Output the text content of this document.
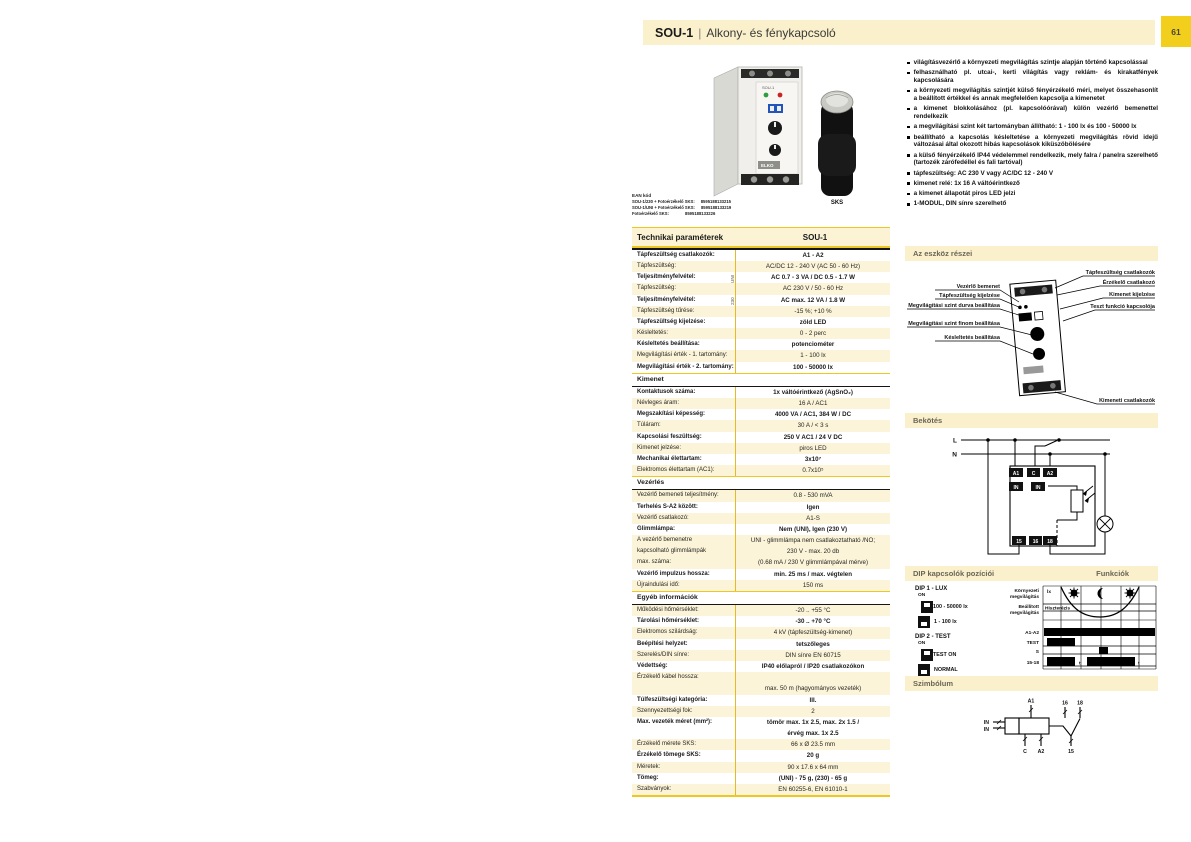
SOU-1 | Alkony- és fénykapcsoló	61
SOU-1
ELKO
SKS
EAN kód
SOU-1/230 + Fotoérzékelő SKS: 8595188133215
SOU-1/UNI + Fotoérzékelő SKS: 8595188133219
Fotoérzékelő SKS:	8595188133226
Technikai paraméterek	SOU-1
Tápfeszültség csatlakozók:	A1 - A2
Tápfeszültség:	AC/DC 12 - 240 V (AC 50 - 60 Hz)
UNI
Teljesítményfelvétel:	AC 0.7 - 3 VA / DC 0.5 - 1.7 W
Tápfeszültség:	AC 230 V / 50 - 60 Hz
230
Teljesítményfelvétel:	AC max. 12 VA / 1.8 W
Tápfeszültség tűrése:	-15 %; +10 %
Tápfeszültség kijelzése:	zöld LED
Késleltetés:	0 - 2 perc
Késleltetés beállítása:	potenciométer
Megvilágítási érték - 1. tartomány:	1 - 100 lx
Megvilágítási érték - 2. tartomány:	100 - 50000 lx
Kimenet
Kontaktusok száma:	1x váltóérintkező (AgSnO₂)
Névleges áram:	16 A / AC1
Megszakítási képesség:	4000 VA / AC1, 384 W / DC
Túláram:	30 A / < 3 s
Kapcsolási feszültség:	250 V AC1 / 24 V DC
Kimenet jelzése:	piros LED
Mechanikai élettartam:	3x10⁷
Elektromos élettartam (AC1):	0.7x10⁵
Vezérlés
Vezérlő bemeneti teljesítmény:	0.8 - 530 mVA
Terhelés S-A2 között:	Igen
Vezérlő csatlakozó:	A1-S
Glimmlámpa:	Nem (UNI), Igen (230 V)
A vezérlő bemenetre	UNI - glimmlámpa nem csatlakoztatható /NO;
kapcsolható glimmlámpák	230 V - max. 20 db
max. száma:	(0.68 mA / 230 V glimmlámpával mérve)
Vezérlő impulzus hossza:	min. 25 ms / max. végtelen
Újraindulási idő:	150 ms
Egyéb információk
Működési hőmérséklet:	-20 .. +55 °C
Tárolási hőmérséklet:	-30 .. +70 °C
Elektromos szilárdság:	4 kV (tápfeszültség-kimenet)
Beépítési helyzet:	tetszőleges
Szerelés/DIN sínre:	DIN sínre EN 60715
Védettség:	IP40 előlapról / IP20 csatlakozókon
Érzékelő kábel hossza:
max. 50 m (hagyományos vezeték)
Túlfeszültségi kategória:	III.
Szennyezettségi fok:	2
Max. vezeték méret (mm²):	tömör max. 1x 2.5, max. 2x 1.5 /
érvég max. 1x 2.5
Érzékelő mérete SKS:	66 x Ø 23.5 mm
Érzékelő tömege SKS:	20 g
Méretek:	90 x 17.6 x 64 mm
Tömeg:	(UNI) - 75 g, (230) - 65 g
Szabványok:	EN 60255-6, EN 61010-1
világításvezérlő a környezeti megvilágítás szintje alapján történő kapcsolással
felhasználható pl. utcai-, kerti világítás vagy reklám- és kirakatfények kapcsolására
a környezeti megvilágítás szintjét külső fényérzékelő méri, melyet összehasonlít a beállított értékkel és annak megfelelően kapcsolja a kimenetet
a kimenet blokkolásához (pl. kapcsolóórával) külön vezérlő bemenettel rendelkezik
a megvilágítási szint két tartományban állítható: 1 - 100 lx és 100 - 50000 lx
beállítható a kapcsolás késleltetése a környezeti megvilágítás rövid idejű változásai által okozott hibás kapcsolások kiküszöbölésére
a külső fényérzékelő IP44 védelemmel rendelkezik, mely falra / panelra szerelhető (tartozék zárófedéllel és fali tartóval)
tápfeszültség: AC 230 V vagy AC/DC 12 - 240 V
kimenet relé: 1x 16 A váltóérintkező
a kimenet állapotát piros LED jelzi
1-MODUL, DIN sínre szerelhető
Az eszköz részei
Bekötés
DIP kapcsolók pozíciói	Funkciók
Szimbólum
Vezérlő bemenet
Tápfeszültség kijelzése
Megvilágítási szint durva beállítása
Megvilágítási szint finom beállítása
Késleltetés beállítása
Tápfeszültség csatlakozók
Érzékelő csatlakozó
Kimenet kijelzése
Teszt funkció kapcsolója
Kimeneti csatlakozók
A1 C A2
IN	IN
15 16 18
L
N
DIP 1 - LUX
ON
100 - 50000 lx
1 - 100 lx
DIP 2 - TEST
ON
TEST ON
NORMAL
lx
Hiszterézis
t	t
Környezeti
megvilágítás
Beállított
megvilágítás
A1-A2
TEST
S
15-18
IN
IN
A1
C A2
16 18
15
